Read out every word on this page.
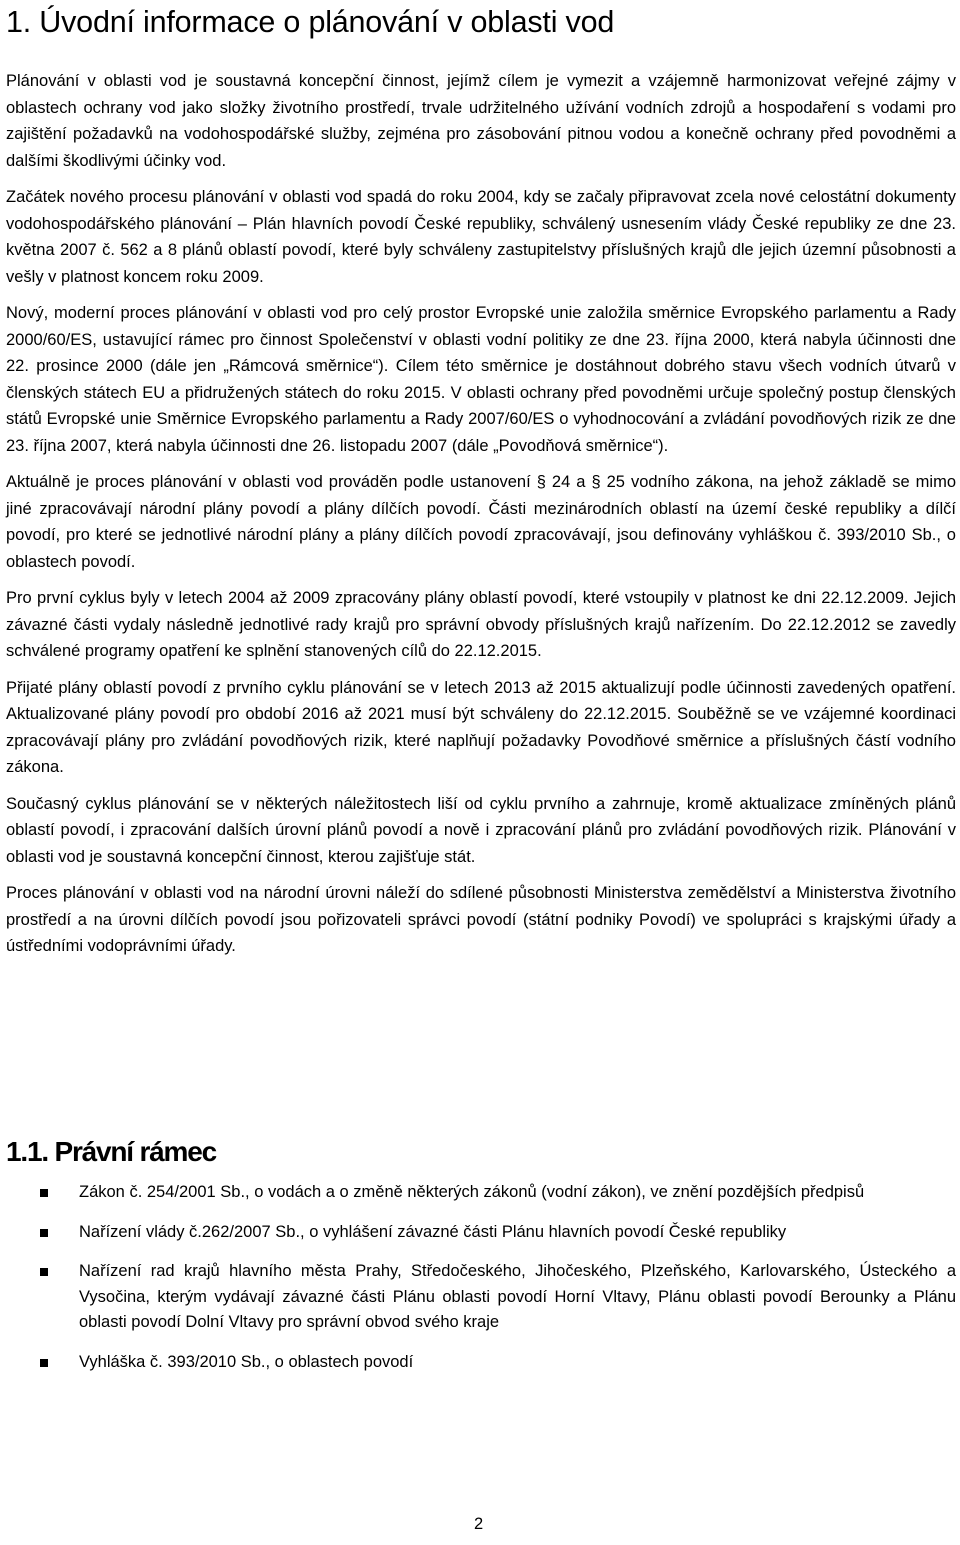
1. Úvodní informace o plánování v oblasti vod

Plánování v oblasti vod je soustavná koncepční činnost, jejímž cílem je vymezit a vzájemně harmonizovat veřejné zájmy v oblastech ochrany vod jako složky životního prostředí, trvale udržitelného užívání vodních zdrojů a hospodaření s vodami pro zajištění požadavků na vodohospodářské služby, zejména pro zásobování pitnou vodou a konečně ochrany před povodněmi a dalšími škodlivými účinky vod.

Začátek nového procesu plánování v oblasti vod spadá do roku 2004, kdy se začaly připravovat zcela nové celostátní dokumenty vodohospodářského plánování – Plán hlavních povodí České republiky, schválený usnesením vlády České republiky ze dne 23. května 2007 č. 562 a 8 plánů oblastí povodí, které byly schváleny zastupitelstvy příslušných krajů dle jejich územní působnosti a vešly v platnost koncem roku 2009.

Nový, moderní proces plánování v oblasti vod pro celý prostor Evropské unie založila směrnice Evropského parlamentu a Rady 2000/60/ES, ustavující rámec pro činnost Společenství v oblasti vodní politiky ze dne 23. října 2000, která nabyla účinnosti dne 22. prosince 2000 (dále jen „Rámcová směrnice“). Cílem této směrnice je dostáhnout dobrého stavu všech vodních útvarů v členských státech EU a přidružených státech do roku 2015. V oblasti ochrany před povodněmi určuje společný postup členských států Evropské unie Směrnice Evropského parlamentu a Rady 2007/60/ES o vyhodnocování a zvládání povodňových rizik ze dne 23. října 2007, která nabyla účinnosti dne 26. listopadu 2007 (dále „Povodňová směrnice“).

Aktuálně je proces plánování v oblasti vod prováděn podle ustanovení § 24 a § 25 vodního zákona, na jehož základě se mimo jiné zpracovávají národní plány povodí a plány dílčích povodí. Části mezinárodních oblastí na území české republiky a dílčí povodí, pro které se jednotlivé národní plány a plány dílčích povodí zpracovávají, jsou definovány vyhláškou č. 393/2010 Sb., o oblastech povodí.

Pro první cyklus byly v letech 2004 až 2009 zpracovány plány oblastí povodí, které vstoupily v platnost ke dni 22.12.2009. Jejich závazné části vydaly následně jednotlivé rady krajů pro správní obvody příslušných krajů nařízením. Do 22.12.2012 se zavedly schválené programy opatření ke splnění stanovených cílů do 22.12.2015.

Přijaté plány oblastí povodí z prvního cyklu plánování se v letech 2013 až 2015 aktualizují podle účinnosti zavedených opatření. Aktualizované plány povodí pro období 2016 až 2021 musí být schváleny do 22.12.2015. Souběžně se ve vzájemné koordinaci zpracovávají plány pro zvládání povodňových rizik, které naplňují požadavky Povodňové směrnice a příslušných částí vodního zákona.

Současný cyklus plánování se v některých náležitostech liší od cyklu prvního a zahrnuje, kromě aktualizace zmíněných plánů oblastí povodí, i zpracování dalších úrovní plánů povodí a nově i zpracování plánů pro zvládání povodňových rizik. Plánování v oblasti vod je soustavná koncepční činnost, kterou zajišťuje stát.

Proces plánování v oblasti vod na národní úrovni náleží do sdílené působnosti Ministerstva zemědělství a Ministerstva životního prostředí a na úrovni dílčích povodí jsou pořizovateli správci povodí (státní podniky Povodí) ve spolupráci s krajskými úřady a ústředními vodoprávními úřady.

1.1. Právní rámec
Zákon č. 254/2001 Sb., o vodách a o změně některých zákonů (vodní zákon), ve znění pozdějších předpisů
Nařízení vlády č.262/2007 Sb., o vyhlášení závazné části Plánu hlavních povodí České republiky
Nařízení rad krajů hlavního města Prahy, Středočeského, Jihočeského, Plzeňského, Karlovarského, Ústeckého a Vysočina, kterým vydávají závazné části Plánu oblasti povodí Horní Vltavy, Plánu oblasti povodí Berounky a Plánu oblasti povodí Dolní Vltavy pro správní obvod svého kraje
Vyhláška č. 393/2010 Sb., o oblastech povodí
2
